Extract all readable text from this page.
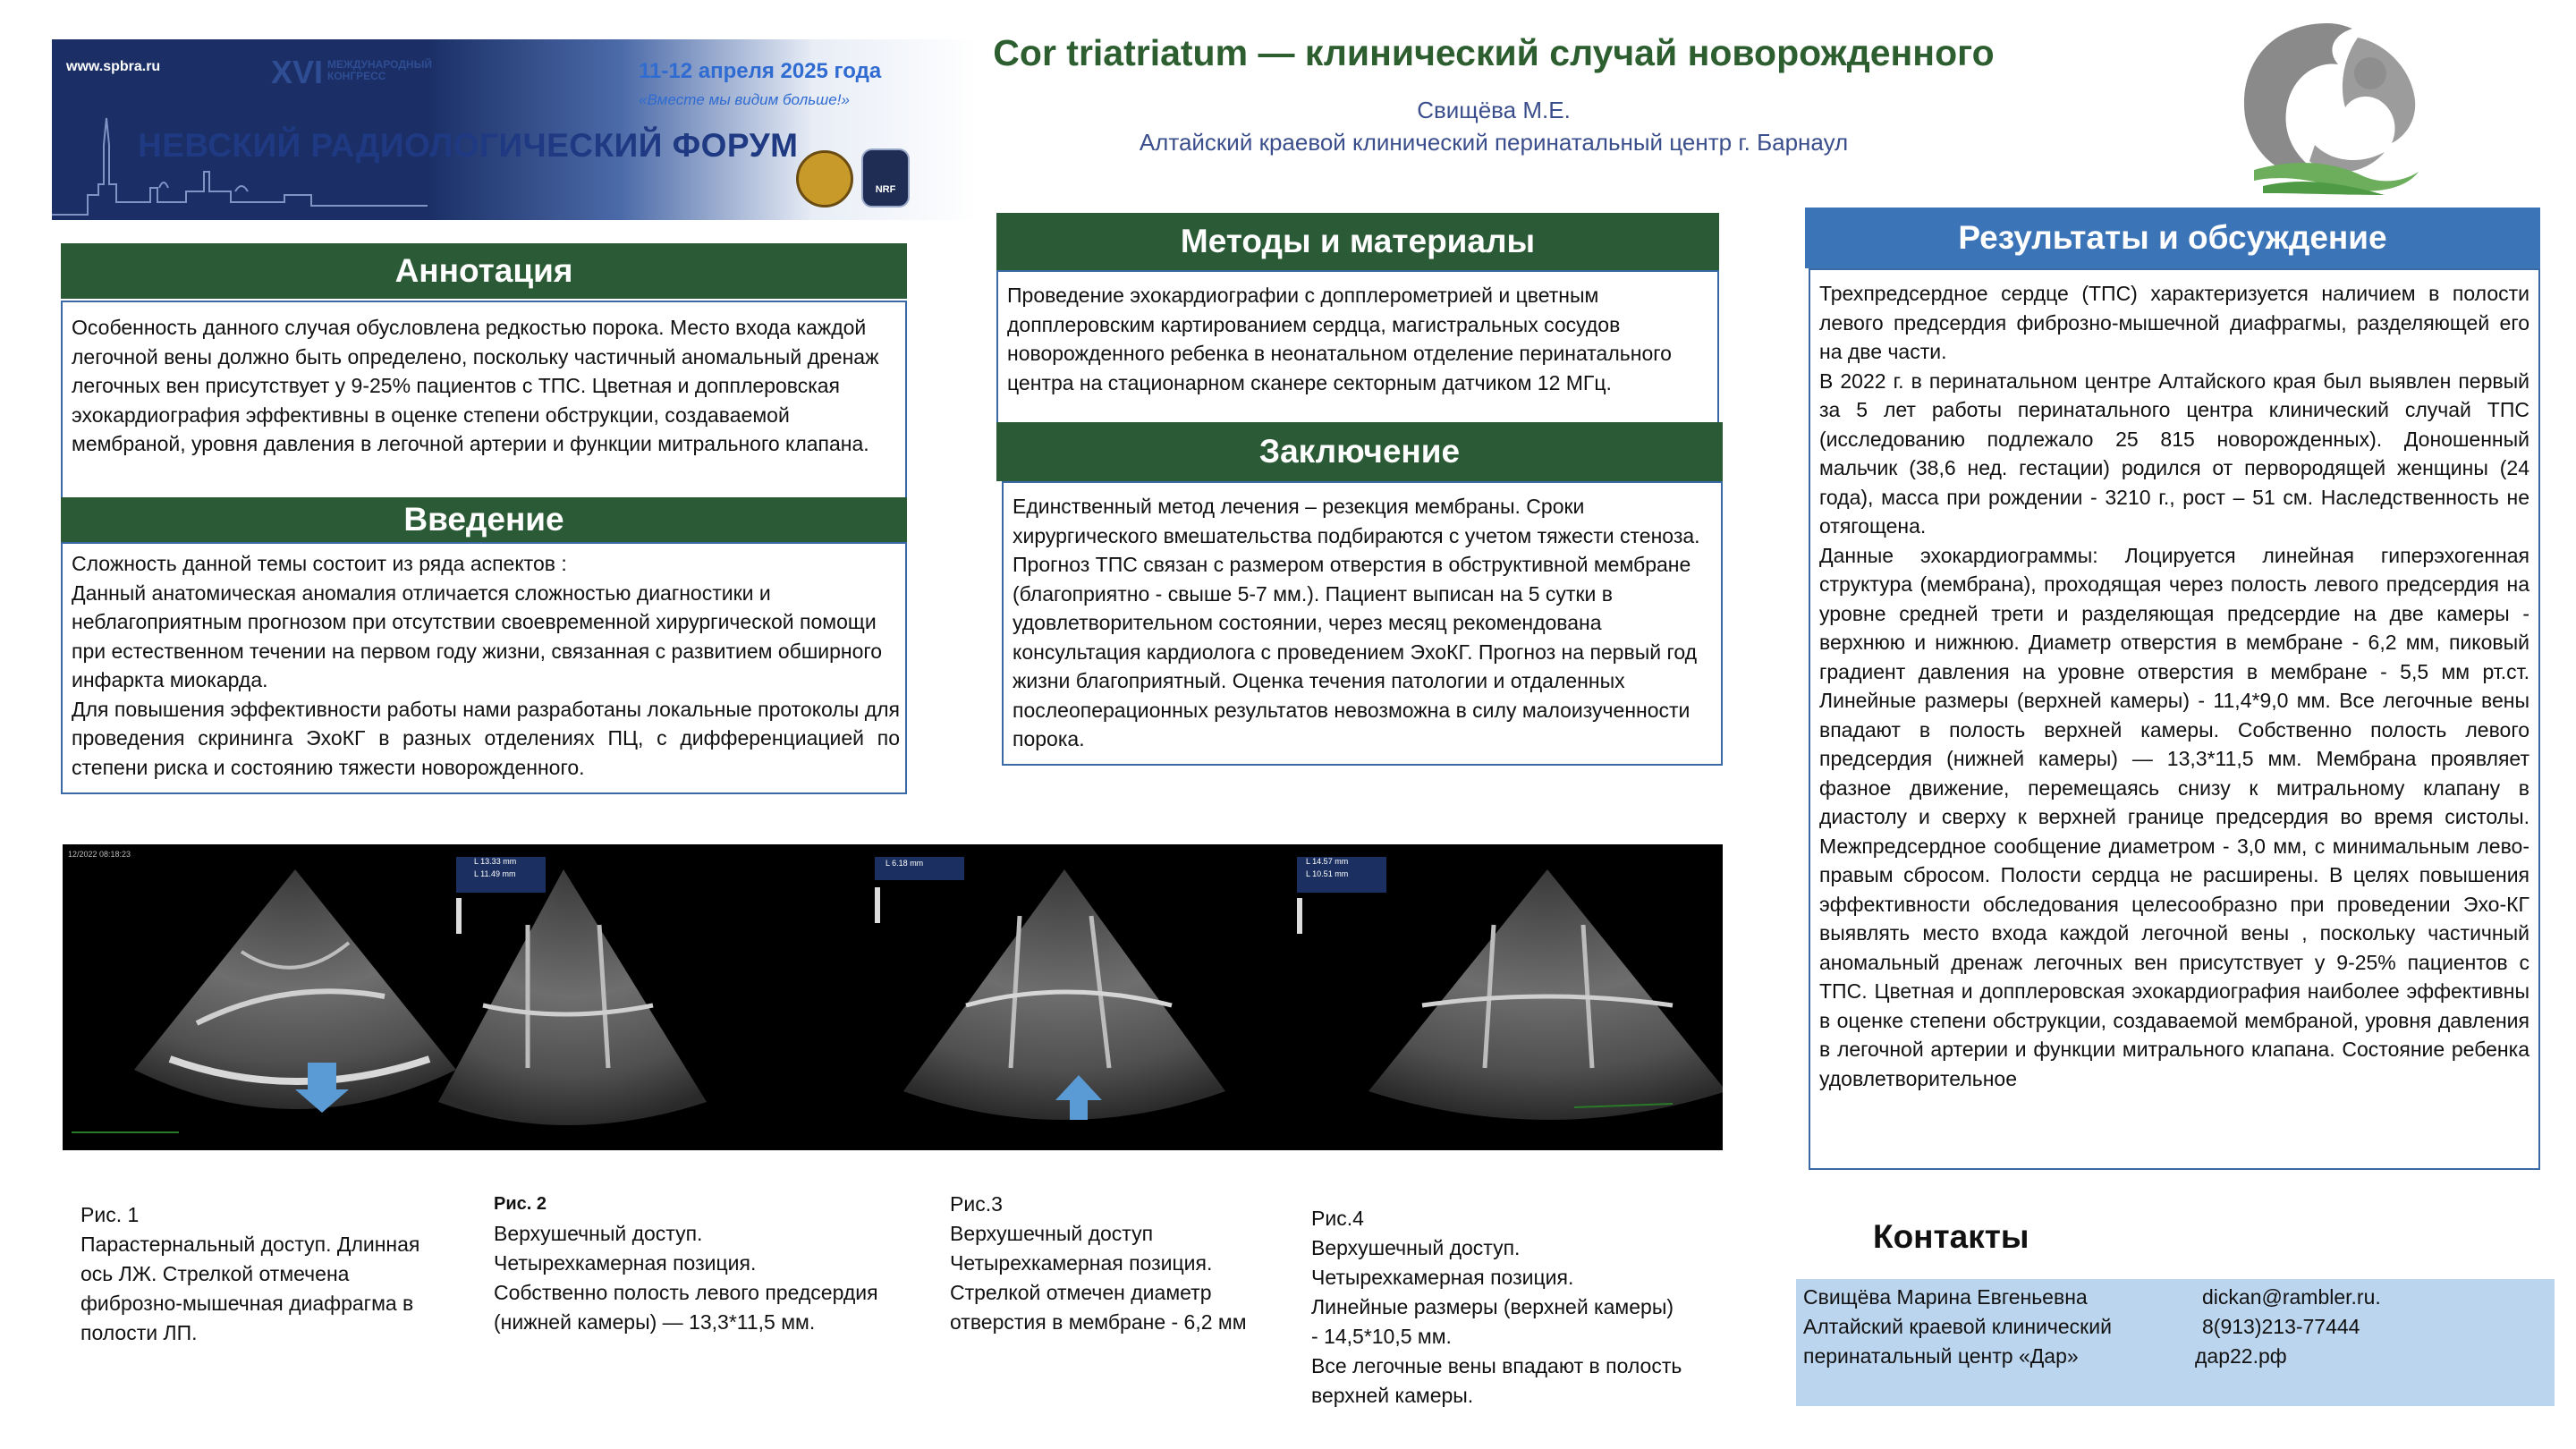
www.spbra.ru	XVI МЕЖДУНАРОДНЫЙ КОНГРЕСС	11-12 апреля 2025 года
«Вместе мы видим больше!»
НЕВСКИЙ РАДИОЛОГИЧЕСКИЙ ФОРУМ
NRF
Cor triatriatum — клинический случай новорожденного
Свищёва М.Е.
Алтайский краевой клинический перинатальный центр г. Барнаул
Аннотация
Особенность данного случая обусловлена редкостью порока. Место входа каждой легочной вены должно быть определено, поскольку частичный аномальный дренаж легочных вен присутствует у 9-25% пациентов с ТПС. Цветная и допплеровская эхокардиография эффективны в оценке степени обструкции, создаваемой мембраной, уровня давления в легочной артерии и функции митрального клапана.
Введение
Сложность данной темы состоит из ряда аспектов :
Данный анатомическая аномалия отличается сложностью диагностики и неблагоприятным прогнозом при отсутствии своевременной хирургической помощи при естественном течении на первом году жизни, связанная с развитием обширного инфаркта миокарда.
Для повышения эффективности работы нами разработаны локальные протоколы для проведения скрининга ЭхоКГ в разных отделениях ПЦ, с дифференциацией по степени риска и состоянию тяжести новорожденного.
Методы и материалы
Проведение эхокардиографии с допплерометрией и цветным допплеровским картированием сердца, магистральных сосудов новорожденного ребенка в неонатальном отделение перинатального центра на стационарном сканере секторным датчиком 12 МГц.
Заключение
Единственный метод лечения – резекция мембраны. Сроки хирургического вмешательства подбираются с учетом тяжести стеноза. Прогноз ТПС связан с размером отверстия в обструктивной мембране (благоприятно - свыше 5-7 мм.). Пациент выписан на 5 сутки в удовлетворительном состоянии, через месяц рекомендована консультация кардиолога с проведением ЭхоКГ. Прогноз на первый год жизни благоприятный. Оценка течения патологии и отдаленных послеоперационных результатов невозможна в силу малоизученности порока.
Результаты и обсуждение
Трехпредсердное сердце (ТПС) характеризуется наличием в полости левого предсердия фиброзно-мышечной диафрагмы, разделяющей его на две части.
В 2022 г. в перинатальном центре Алтайского края был выявлен первый за 5 лет работы перинатального центра клинический случай ТПС (исследованию подлежало 25 815 новорожденных). Доношенный мальчик (38,6 нед. гестации) родился от первородящей женщины (24 года), масса при рождении - 3210 г., рост – 51 см. Наследственность не отягощена.
Данные эхокардиограммы: Лоцируется линейная гиперэхогенная структура (мембрана), проходящая через полость левого предсердия на уровне средней трети и разделяющая предсердие на две камеры - верхнюю и нижнюю. Диаметр отверстия в мембране - 6,2 мм, пиковый градиент давления на уровне отверстия в мембране - 5,5 мм рт.ст. Линейные размеры (верхней камеры) - 11,4*9,0 мм. Все легочные вены впадают в полость верхней камеры. Собственно полость левого предсердия (нижней камеры) — 13,3*11,5 мм. Мембрана проявляет фазное движение, перемещаясь снизу к митральному клапану в диастолу и сверху к верхней границе предсердия во время систолы. Межпредсердное сообщение диаметром - 3,0 мм, с минимальным лево-правым сбросом. Полости сердца не расширены. В целях повышения эффективности обследования целесообразно при проведении Эхо-КГ выявлять место входа каждой легочной вены , поскольку частичный аномальный дренаж легочных вен присутствует у 9-25% пациентов с ТПС. Цветная и допплеровская эхокардиография наиболее эффективны в оценке степени обструкции, создаваемой мембраной, уровня давления в легочной артерии и функции митрального клапана. Состояние ребенка удовлетворительное
12/2022 08:18:23
L 13.33 mm
L 11.49 mm
L 6.18 mm	L 14.57 mm
L 10.51 mm
Рис. 1
Парастернальный доступ. Длинная ось ЛЖ. Стрелкой отмечена фиброзно-мышечная диафрагма в полости ЛП.
Рис. 2
Верхушечный доступ.
Четырехкамерная позиция.
Собственно полость левого предсердия (нижней камеры) — 13,3*11,5 мм.
Рис.3
Верхушечный доступ
Четырехкамерная позиция.
Стрелкой отмечен диаметр отверстия в мембране - 6,2 мм
Рис.4
Верхушечный доступ.
Четырехкамерная позиция.
Линейные размеры (верхней камеры)
- 14,5*10,5 мм.
Все легочные вены впадают в полость верхней камеры.
Контакты
Свищёва Марина Евгеньевна
Алтайский краевой клинический
перинатальный центр «Дар»
dickan@rambler.ru.
8(913)213-77444
дар22.рф
